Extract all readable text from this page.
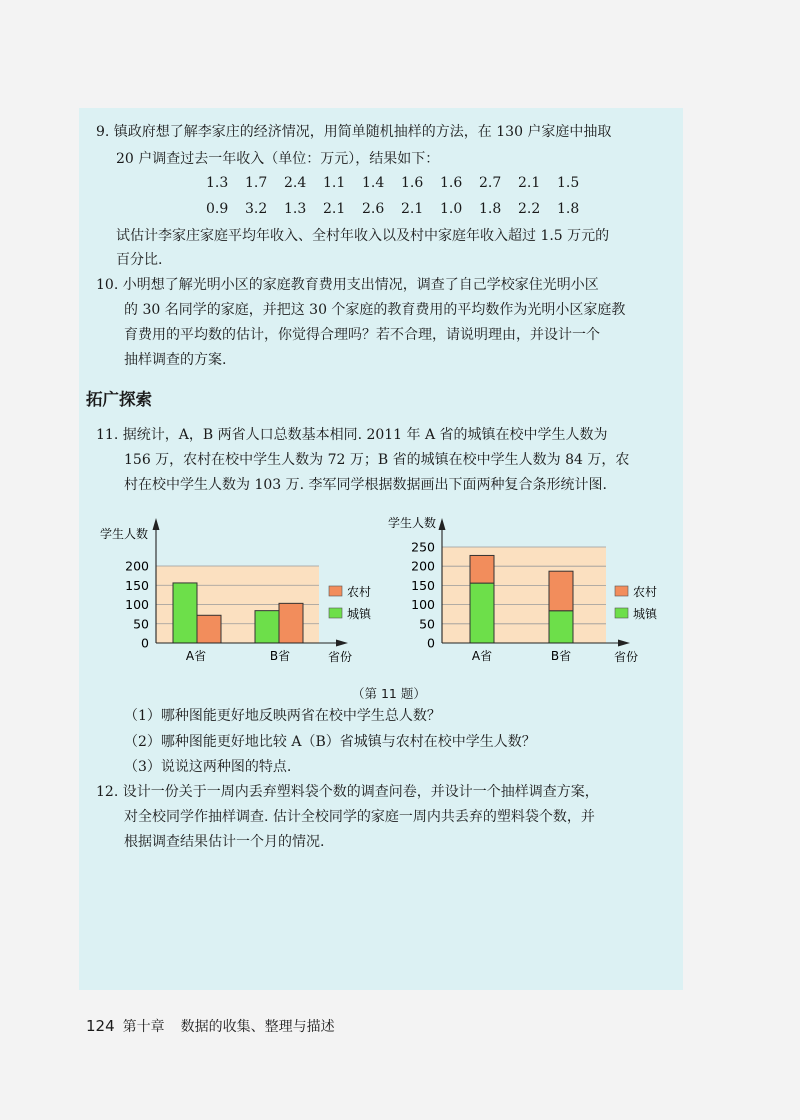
9. 镇政府想了解李家庄的经济情况，用简单随机抽样的方法，在 130 户家庭中抽取
20 户调查过去一年收入（单位：万元），结果如下：
1.3 1.7 2.4 1.1 1.4 1.6 1.6 2.7 2.1 1.5
0.9 3.2 1.3 2.1 2.6 2.1 1.0 1.8 2.2 1.8
试估计李家庄家庭平均年收入、全村年收入以及村中家庭年收入超过 1.5 万元的
百分比.
10. 小明想了解光明小区的家庭教育费用支出情况，调查了自己学校家住光明小区
的 30 名同学的家庭，并把这 30 个家庭的教育费用的平均数作为光明小区家庭教
育费用的平均数的估计，你觉得合理吗？若不合理，请说明理由，并设计一个
抽样调查的方案.
拓广探索
11. 据统计，A，B 两省人口总数基本相同. 2011 年 A 省的城镇在校中学生人数为
156 万，农村在校中学生人数为 72 万；B 省的城镇在校中学生人数为 84 万，农
村在校中学生人数为 103 万. 李军同学根据数据画出下面两种复合条形统计图.
0
50
100
150
200
A省	B省
学生人数
省份
农村
城镇
0
50
100
150
200
250
A省	B省
学生人数
省份
农村
城镇
（第 11 题）
（1）哪种图能更好地反映两省在校中学生总人数？
（2）哪种图能更好地比较 A（B）省城镇与农村在校中学生人数？
（3）说说这两种图的特点.
12. 设计一份关于一周内丢弃塑料袋个数的调查问卷，并设计一个抽样调查方案，
对全校同学作抽样调查. 估计全校同学的家庭一周内共丢弃的塑料袋个数，并
根据调查结果估计一个月的情况.
124 第十章 数据的收集、整理与描述
